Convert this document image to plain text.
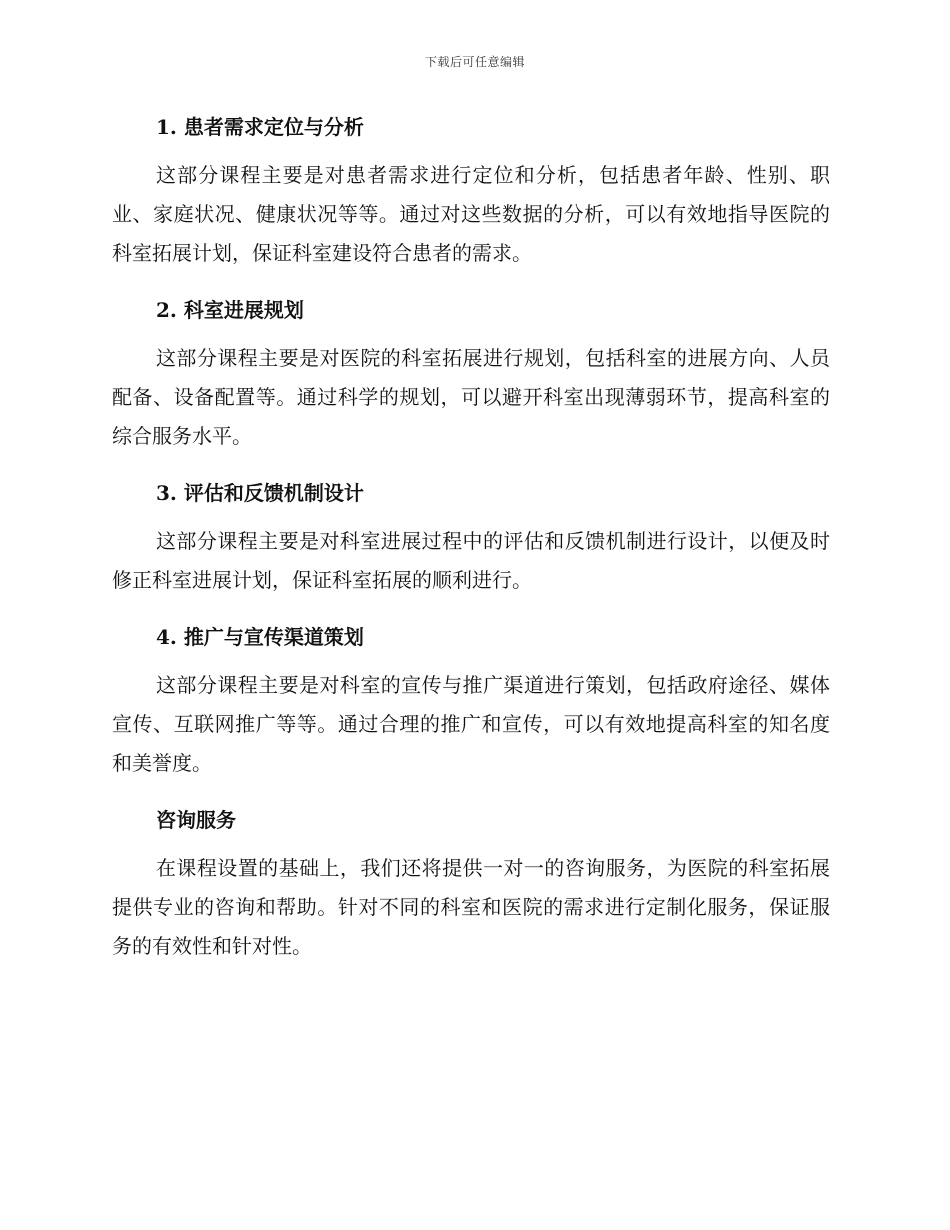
下载后可任意编辑
1. 患者需求定位与分析

这部分课程主要是对患者需求进行定位和分析，包括患者年龄、性别、职业、家庭状况、健康状况等等。通过对这些数据的分析，可以有效地指导医院的科室拓展计划，保证科室建设符合患者的需求。

2. 科室进展规划

这部分课程主要是对医院的科室拓展进行规划，包括科室的进展方向、人员配备、设备配置等。通过科学的规划，可以避开科室出现薄弱环节，提高科室的综合服务水平。

3. 评估和反馈机制设计

这部分课程主要是对科室进展过程中的评估和反馈机制进行设计，以便及时修正科室进展计划，保证科室拓展的顺利进行。

4. 推广与宣传渠道策划

这部分课程主要是对科室的宣传与推广渠道进行策划，包括政府途径、媒体宣传、互联网推广等等。通过合理的推广和宣传，可以有效地提高科室的知名度和美誉度。

咨询服务

在课程设置的基础上，我们还将提供一对一的咨询服务，为医院的科室拓展提供专业的咨询和帮助。针对不同的科室和医院的需求进行定制化服务，保证服务的有效性和针对性。
